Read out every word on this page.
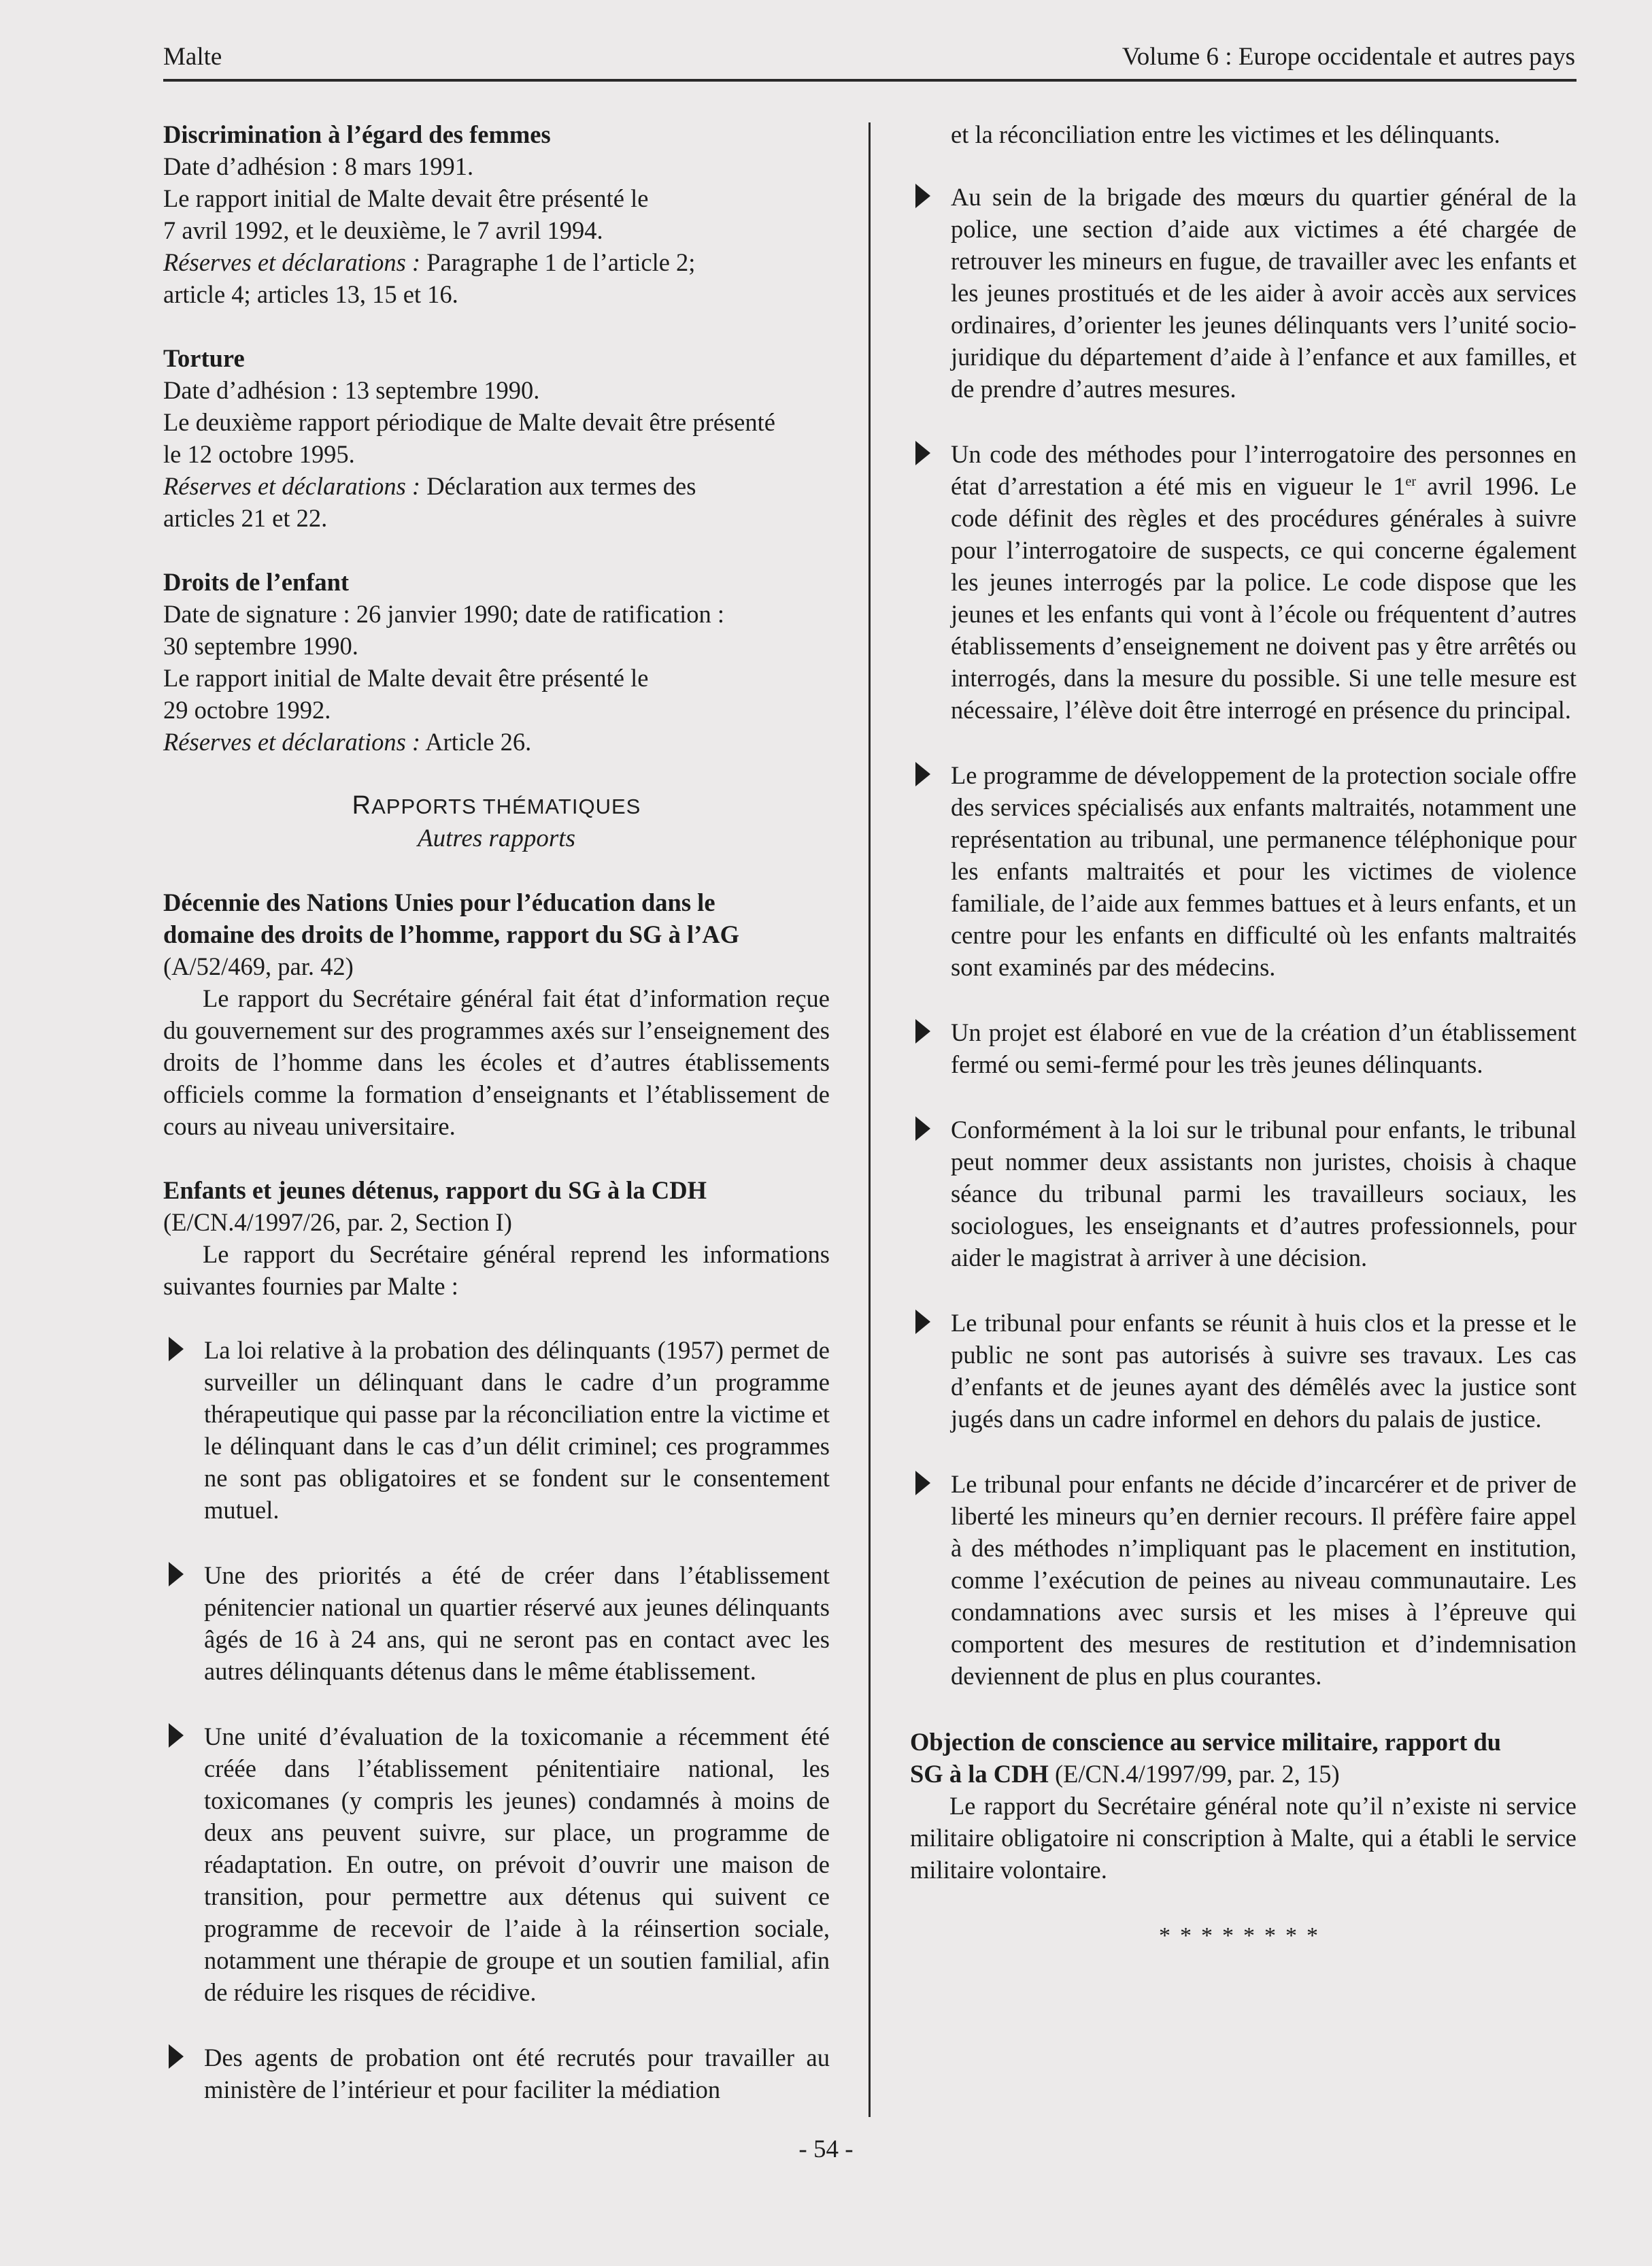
Malte	Volume 6 : Europe occidentale et autres pays
Discrimination à l’égard des femmes
Date d’adhésion : 8 mars 1991.
Le rapport initial de Malte devait être présenté le
7 avril 1992, et le deuxième, le 7 avril 1994.
Réserves et déclarations : Paragraphe 1 de l’article 2;
article 4; articles 13, 15 et 16.
Torture
Date d’adhésion : 13 septembre 1990.
Le deuxième rapport périodique de Malte devait être présenté
le 12 octobre 1995.
Réserves et déclarations : Déclaration aux termes des
articles 21 et 22.
Droits de l’enfant
Date de signature : 26 janvier 1990; date de ratification :
30 septembre 1990.
Le rapport initial de Malte devait être présenté le
29 octobre 1992.
Réserves et déclarations : Article 26.
RAPPORTS THÉMATIQUES
Autres rapports
Décennie des Nations Unies pour l’éducation dans le
domaine des droits de l’homme, rapport du SG à l’AG
(A/52/469, par. 42)
Le rapport du Secrétaire général fait état d’information reçue du gouvernement sur des programmes axés sur l’enseignement des droits de l’homme dans les écoles et d’autres établissements officiels comme la formation d’enseignants et l’établissement de cours au niveau universitaire.
Enfants et jeunes détenus, rapport du SG à la CDH
(E/CN.4/1997/26, par. 2, Section I)
Le rapport du Secrétaire général reprend les informations suivantes fournies par Malte :
La loi relative à la probation des délinquants (1957) permet de surveiller un délinquant dans le cadre d’un programme thérapeutique qui passe par la réconciliation entre la victime et le délinquant dans le cas d’un délit criminel; ces programmes ne sont pas obligatoires et se fondent sur le consentement mutuel.
Une des priorités a été de créer dans l’établissement pénitencier national un quartier réservé aux jeunes délinquants âgés de 16 à 24 ans, qui ne seront pas en contact avec les autres délinquants détenus dans le même établissement.
Une unité d’évaluation de la toxicomanie a récemment été créée dans l’établissement pénitentiaire national, les toxicomanes (y compris les jeunes) condamnés à moins de deux ans peuvent suivre, sur place, un programme de réadaptation. En outre, on prévoit d’ouvrir une maison de transition, pour permettre aux détenus qui suivent ce programme de recevoir de l’aide à la réinsertion sociale, notamment une thérapie de groupe et un soutien familial, afin de réduire les risques de récidive.
Des agents de probation ont été recrutés pour travailler au ministère de l’intérieur et pour faciliter la médiation
et la réconciliation entre les victimes et les délinquants.
Au sein de la brigade des mœurs du quartier général de la police, une section d’aide aux victimes a été chargée de retrouver les mineurs en fugue, de travailler avec les enfants et les jeunes prostitués et de les aider à avoir accès aux services ordinaires, d’orienter les jeunes délinquants vers l’unité socio-juridique du département d’aide à l’enfance et aux familles, et de prendre d’autres mesures.
Un code des méthodes pour l’interrogatoire des personnes en état d’arrestation a été mis en vigueur le 1er avril 1996. Le code définit des règles et des procédures générales à suivre pour l’interrogatoire de suspects, ce qui concerne également les jeunes interrogés par la police. Le code dispose que les jeunes et les enfants qui vont à l’école ou fréquentent d’autres établissements d’enseignement ne doivent pas y être arrêtés ou interrogés, dans la mesure du possible. Si une telle mesure est nécessaire, l’élève doit être interrogé en présence du principal.
Le programme de développement de la protection sociale offre des services spécialisés aux enfants maltraités, notamment une représentation au tribunal, une permanence téléphonique pour les enfants maltraités et pour les victimes de violence familiale, de l’aide aux femmes battues et à leurs enfants, et un centre pour les enfants en difficulté où les enfants maltraités sont examinés par des médecins.
Un projet est élaboré en vue de la création d’un établissement fermé ou semi-fermé pour les très jeunes délinquants.
Conformément à la loi sur le tribunal pour enfants, le tribunal peut nommer deux assistants non juristes, choisis à chaque séance du tribunal parmi les travailleurs sociaux, les sociologues, les enseignants et d’autres professionnels, pour aider le magistrat à arriver à une décision.
Le tribunal pour enfants se réunit à huis clos et la presse et le public ne sont pas autorisés à suivre ses travaux. Les cas d’enfants et de jeunes ayant des démêlés avec la justice sont jugés dans un cadre informel en dehors du palais de justice.
Le tribunal pour enfants ne décide d’incarcérer et de priver de liberté les mineurs qu’en dernier recours. Il préfère faire appel à des méthodes n’impliquant pas le placement en institution, comme l’exécution de peines au niveau communautaire. Les condamnations avec sursis et les mises à l’épreuve qui comportent des mesures de restitution et d’indemnisation deviennent de plus en plus courantes.
Objection de conscience au service militaire, rapport du
SG à la CDH (E/CN.4/1997/99, par. 2, 15)
Le rapport du Secrétaire général note qu’il n’existe ni service militaire obligatoire ni conscription à Malte, qui a établi le service militaire volontaire.
********
- 54 -
